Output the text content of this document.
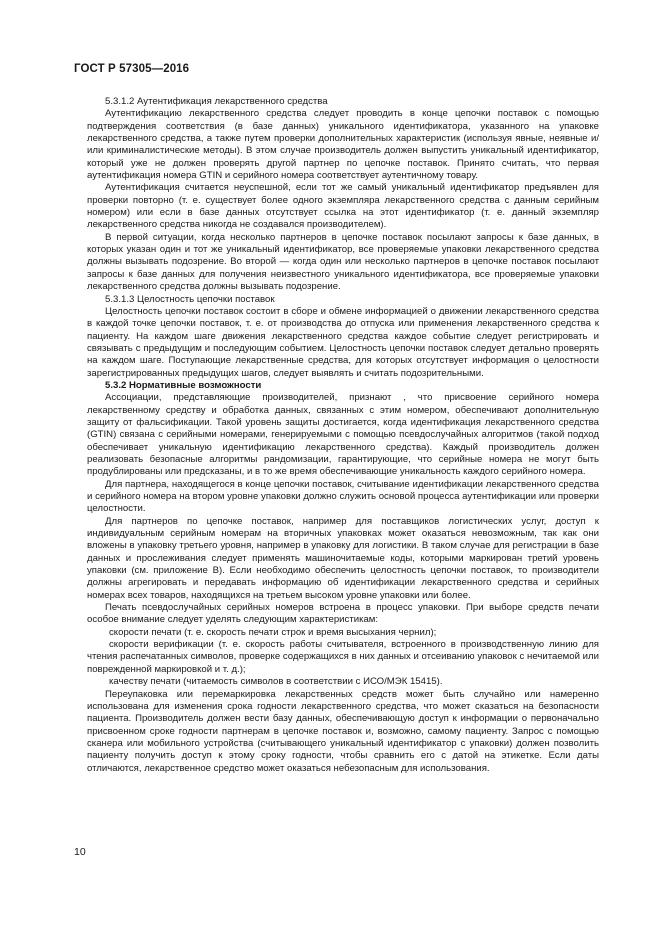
ГОСТ Р 57305—2016

5.3.1.2 Аутентификация лекарственного средства

Аутентификацию лекарственного средства следует проводить в конце цепочки поставок с помощью подтверждения соответствия (в базе данных) уникального идентификатора, указанного на упаковке лекарственного средства, а также путем проверки дополнительных характеристик (используя явные, неявные и/или криминалистические методы). В этом случае производитель должен выпустить уникальный идентификатор, который уже не должен проверять другой партнер по цепочке поставок. Принято считать, что первая аутентификация номера GTIN и серийного номера соответствует аутентичному товару.

Аутентификация считается неуспешной, если тот же самый уникальный идентификатор предъявлен для проверки повторно (т. е. существует более одного экземпляра лекарственного средства с данным серийным номером) или если в базе данных отсутствует ссылка на этот идентификатор (т. е. данный экземпляр лекарственного средства никогда не создавался производителем).

В первой ситуации, когда несколько партнеров в цепочке поставок посылают запросы к базе данных, в которых указан один и тот же уникальный идентификатор, все проверяемые упаковки лекарственного средства должны вызывать подозрение. Во второй — когда один или несколько партнеров в цепочке поставок посылают запросы к базе данных для получения неизвестного уникального идентификатора, все проверяемые упаковки лекарственного средства должны вызывать подозрение.

5.3.1.3 Целостность цепочки поставок

Целостность цепочки поставок состоит в сборе и обмене информацией о движении лекарственного средства в каждой точке цепочки поставок, т. е. от производства до отпуска или применения лекарственного средства к пациенту. На каждом шаге движения лекарственного средства каждое событие следует регистрировать и связывать с предыдущим и последующим событием. Целостность цепочки поставок следует детально проверять на каждом шаге. Поступающие лекарственные средства, для которых отсутствует информация о целостности зарегистрированных предыдущих шагов, следует выявлять и считать подозрительными.

5.3.2 Нормативные возможности

Ассоциации, представляющие производителей, признают , что присвоение серийного номера лекарственному средству и обработка данных, связанных с этим номером, обеспечивают дополнительную защиту от фальсификации. Такой уровень защиты достигается, когда идентификация лекарственного средства (GTIN) связана с серийными номерами, генерируемыми с помощью псевдослучайных алгоритмов (такой подход обеспечивает уникальную идентификацию лекарственного средства). Каждый производитель должен реализовать безопасные алгоритмы рандомизации, гарантирующие, что серийные номера не могут быть продублированы или предсказаны, и в то же время обеспечивающие уникальность каждого серийного номера.

Для партнера, находящегося в конце цепочки поставок, считывание идентификации лекарственного средства и серийного номера на втором уровне упаковки должно служить основой процесса аутентификации или проверки целостности.

Для партнеров по цепочке поставок, например для поставщиков логистических услуг, доступ к индивидуальным серийным номерам на вторичных упаковках может оказаться невозможным, так как они вложены в упаковку третьего уровня, например в упаковку для логистики. В таком случае для регистрации в базе данных и прослеживания следует применять машиночитаемые коды, которыми маркирован третий уровень упаковки (см. приложение В). Если необходимо обеспечить целостность цепочки поставок, то производители должны агрегировать и передавать информацию об идентификации лекарственного средства и серийных номерах всех товаров, находящихся на третьем высоком уровне упаковки или более.

Печать псевдослучайных серийных номеров встроена в процесс упаковки. При выборе средств печати особое внимание следует уделять следующим характеристикам:

скорости печати (т. е. скорость печати строк и время высыхания чернил);

скорости верификации (т. е. скорость работы считывателя, встроенного в производственную линию для чтения распечатанных символов, проверке содержащихся в них данных и отсеиванию упаковок с нечитаемой или поврежденной маркировкой и т. д.);

качеству печати (читаемость символов в соответствии с ИСО/МЭК 15415).

Переупаковка или перемаркировка лекарственных средств может быть случайно или намеренно использована для изменения срока годности лекарственного средства, что может сказаться на безопасности пациента. Производитель должен вести базу данных, обеспечивающую доступ к информации о первоначально присвоенном сроке годности партнерам в цепочке поставок и, возможно, самому пациенту. Запрос с помощью сканера или мобильного устройства (считывающего уникальный идентификатор с упаковки) должен позволить пациенту получить доступ к этому сроку годности, чтобы сравнить его с датой на этикетке. Если даты отличаются, лекарственное средство может оказаться небезопасным для использования.

10
